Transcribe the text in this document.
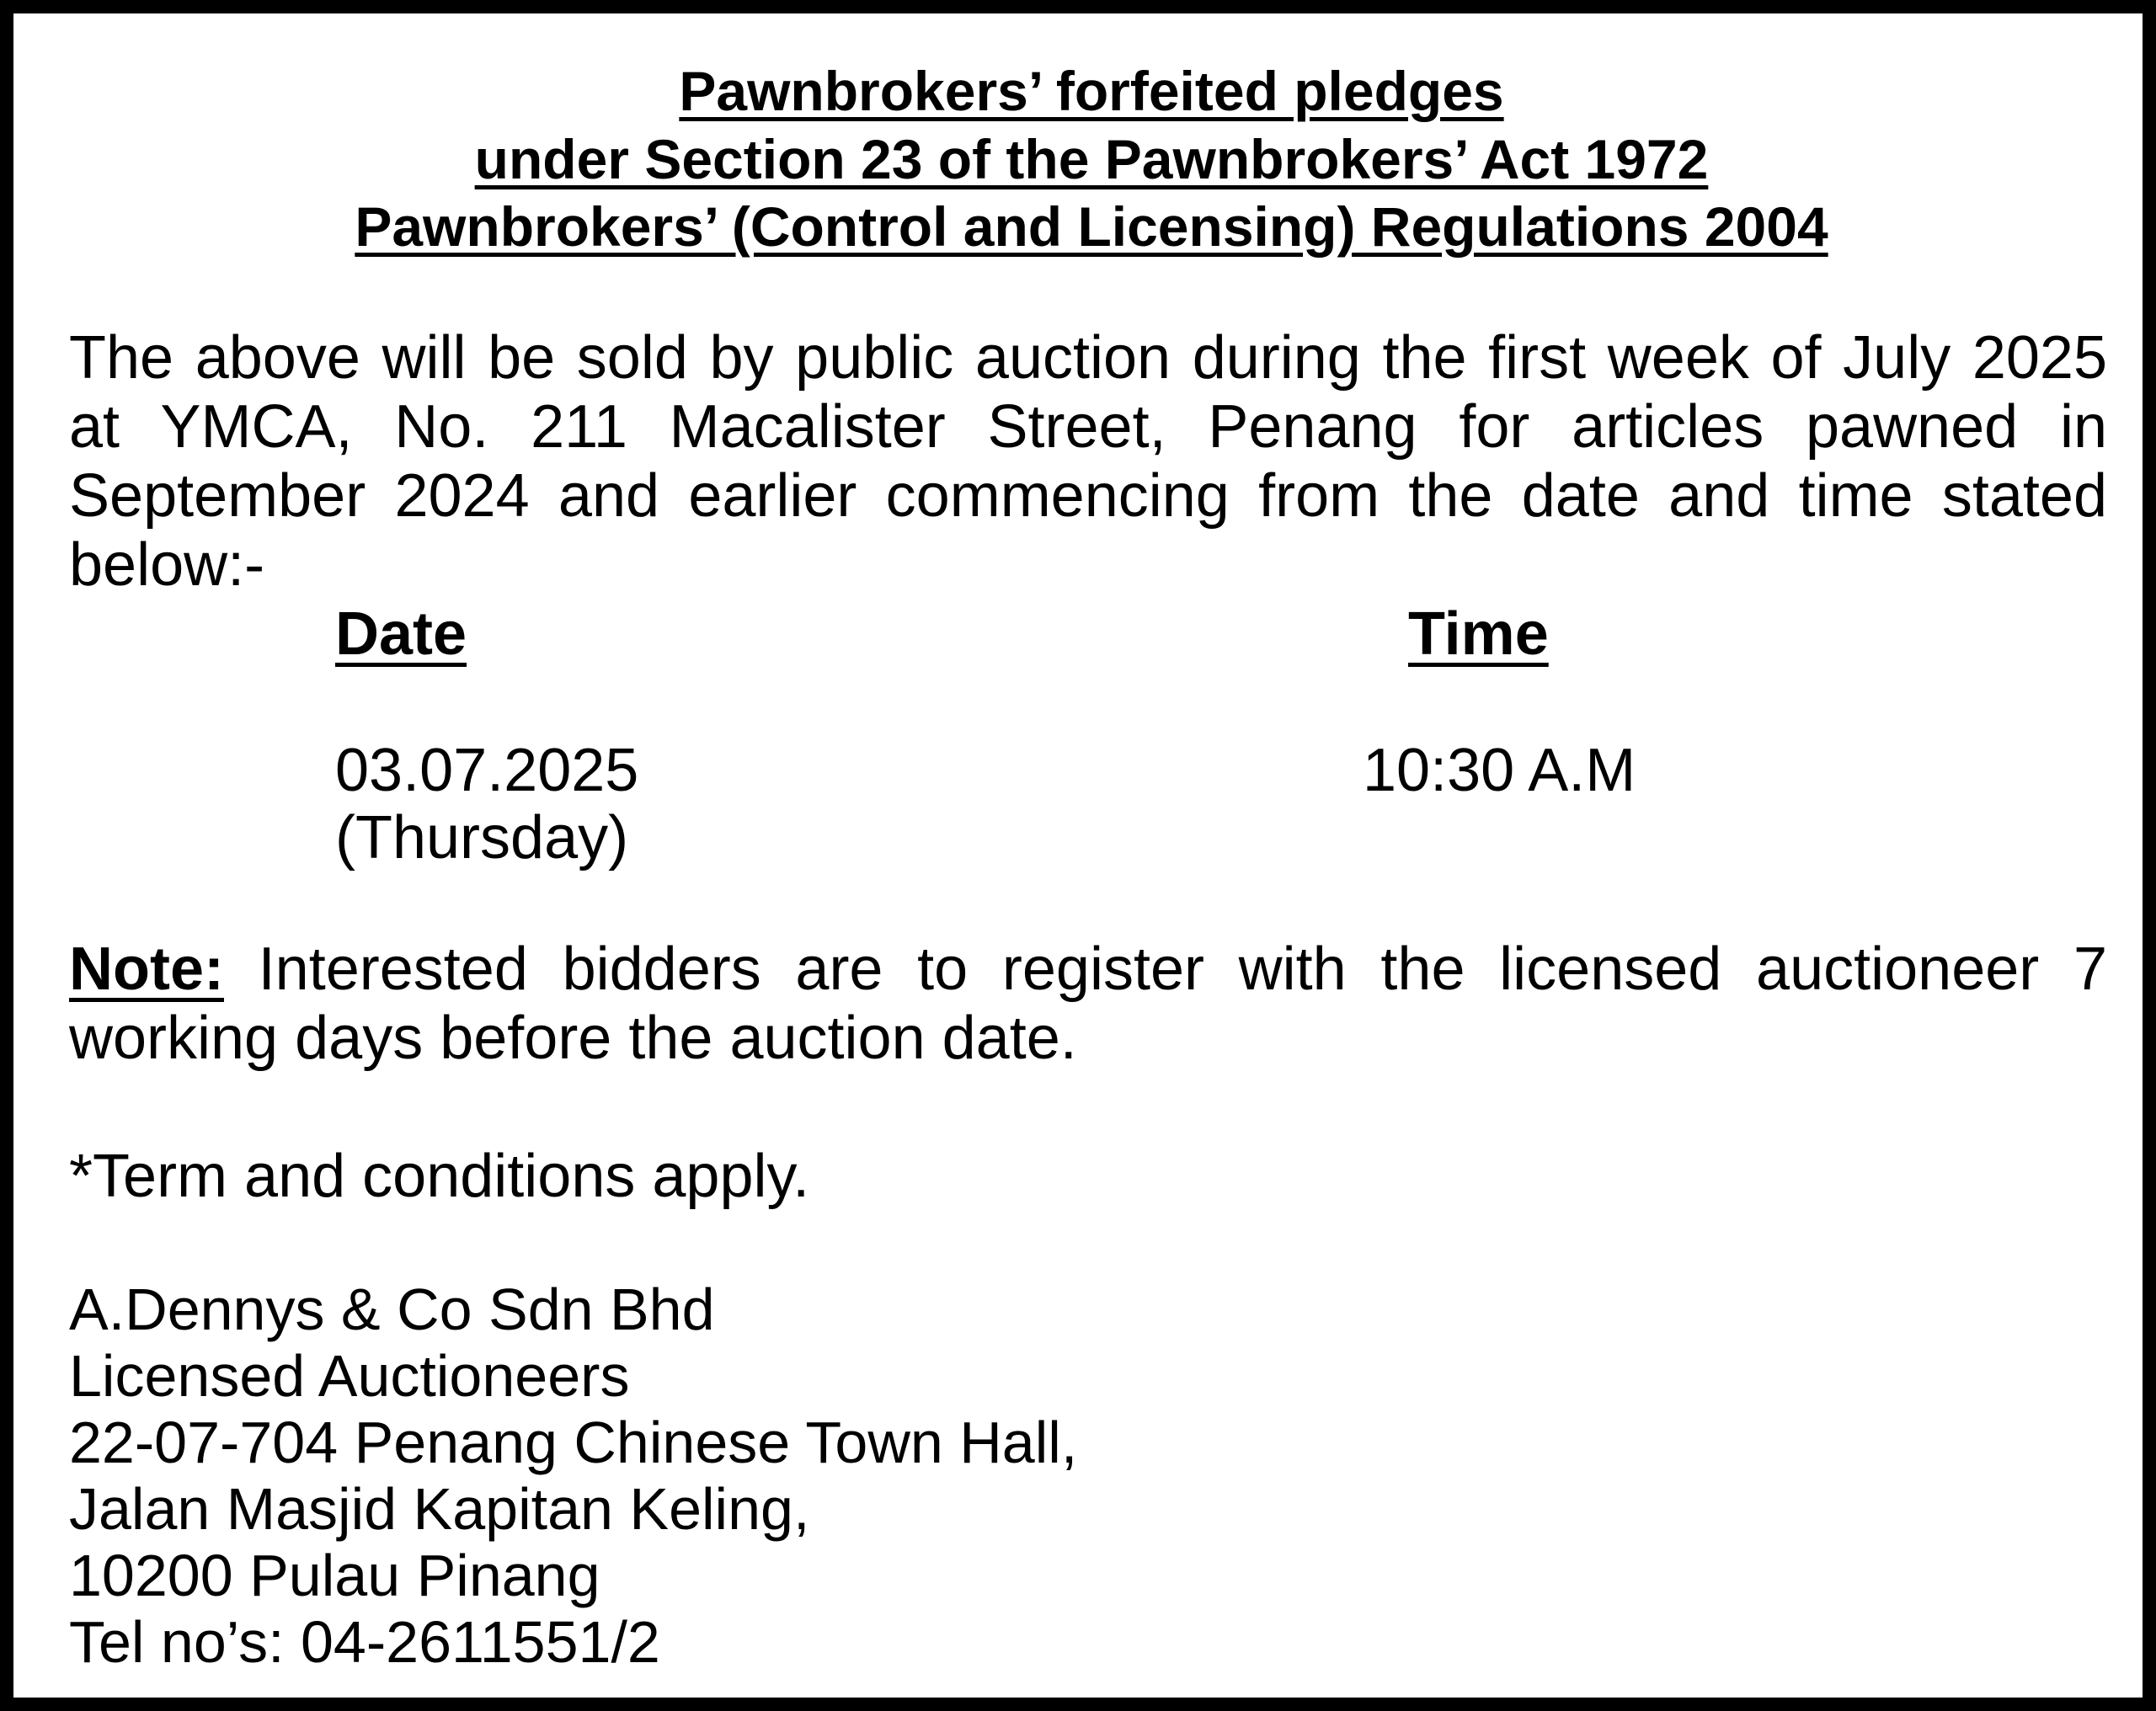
Pawnbrokers’ forfeited pledges
under Section 23 of the Pawnbrokers’ Act 1972
Pawnbrokers’ (Control and Licensing) Regulations 2004

The above will be sold by public auction during the first week of July 2025 at YMCA, No. 211 Macalister Street, Penang for articles pawned in September 2024 and earlier commencing from the date and time stated below:-

Date	Time
03.07.2025
(Thursday)
10:30 A.M

Note: Interested bidders are to register with the licensed auctioneer 7 working days before the auction date.

*Term and conditions apply.
A.Dennys & Co Sdn Bhd
Licensed Auctioneers
22-07-704 Penang Chinese Town Hall,
Jalan Masjid Kapitan Keling,
10200 Pulau Pinang
Tel no’s: 04-2611551/2
